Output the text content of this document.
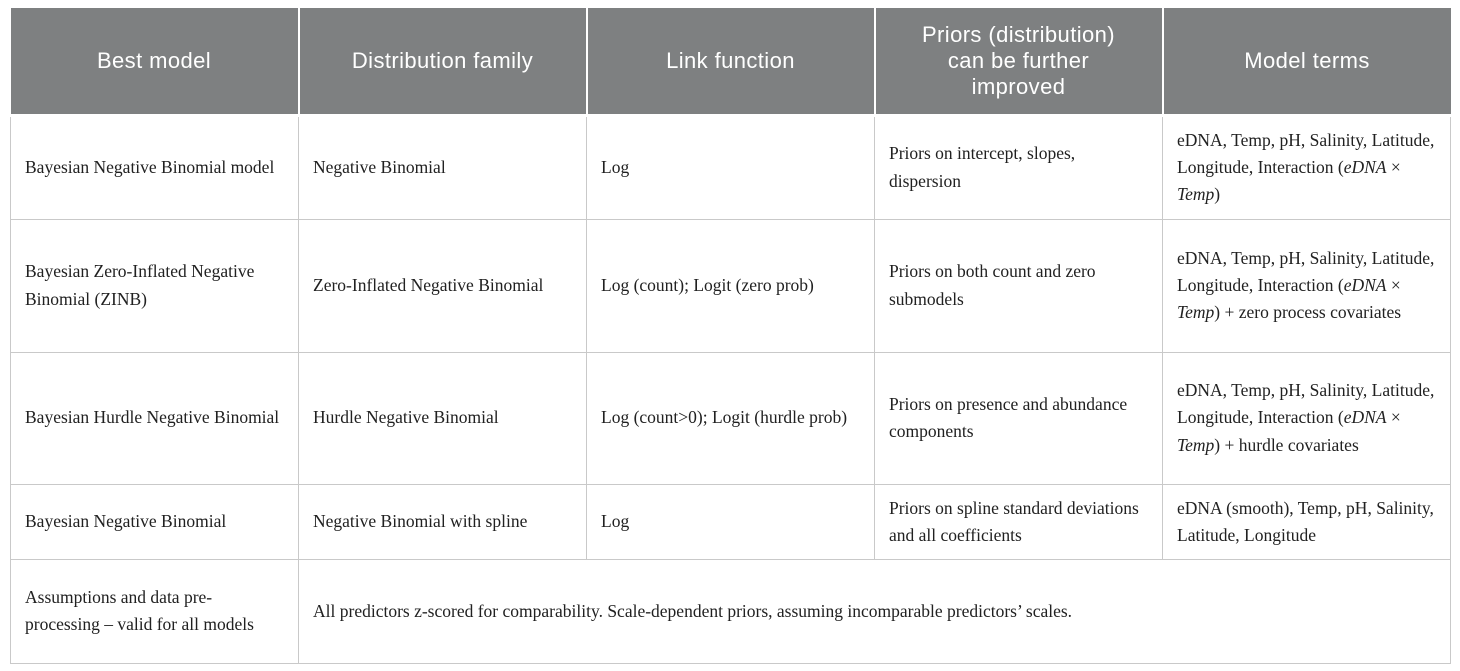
Best model	Distribution family	Link function	Priors (distribution) can be further improved	Model terms
Bayesian Negative Binomial model	Negative Binomial	Log	Priors on intercept, slopes, dispersion	eDNA, Temp, pH, Salinity, Latitude, Longitude, Interaction (eDNA × Temp)
Bayesian Zero-Inflated Negative Binomial (ZINB)	Zero-Inflated Negative Binomial	Log (count); Logit (zero prob)	Priors on both count and zero submodels	eDNA, Temp, pH, Salinity, Latitude, Longitude, Interaction (eDNA × Temp) + zero process covariates
Bayesian Hurdle Negative Binomial	Hurdle Negative Binomial	Log (count>0); Logit (hurdle prob)	Priors on presence and abundance components	eDNA, Temp, pH, Salinity, Latitude, Longitude, Interaction (eDNA × Temp) + hurdle covariates
Bayesian Negative Binomial	Negative Binomial with spline	Log	Priors on spline standard deviations and all coefficients	eDNA (smooth), Temp, pH, Salinity, Latitude, Longitude
Assumptions and data pre-processing – valid for all models	All predictors z-scored for comparability. Scale-dependent priors, assuming incomparable predictors’ scales.			
